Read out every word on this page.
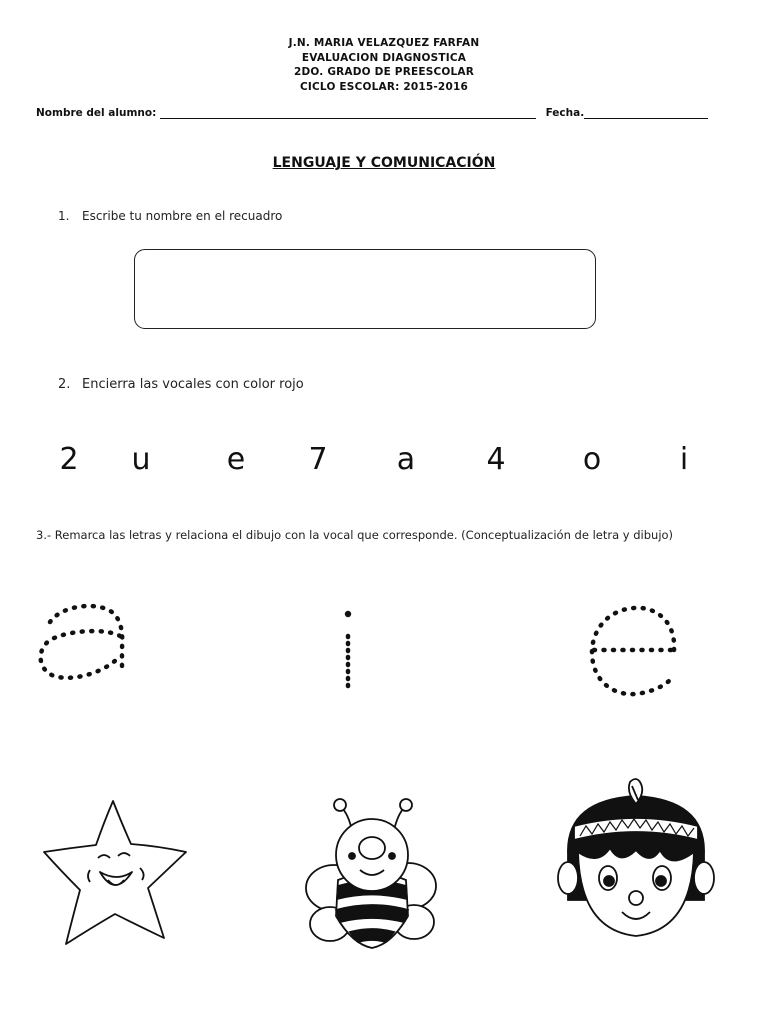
J.N. MARIA VELAZQUEZ FARFAN
EVALUACION DIAGNOSTICA
2DO. GRADO DE PREESCOLAR
CICLO ESCOLAR: 2015-2016
Nombre del alumno:	Fecha.
LENGUAJE Y COMUNICACIÓN
1. Escribe tu nombre en el recuadro
2. Encierra las vocales con color rojo
2 u	e 7 a 4	o	i
3.- Remarca las letras y relaciona el dibujo con la vocal que corresponde. (Conceptualización de letra y dibujo)
